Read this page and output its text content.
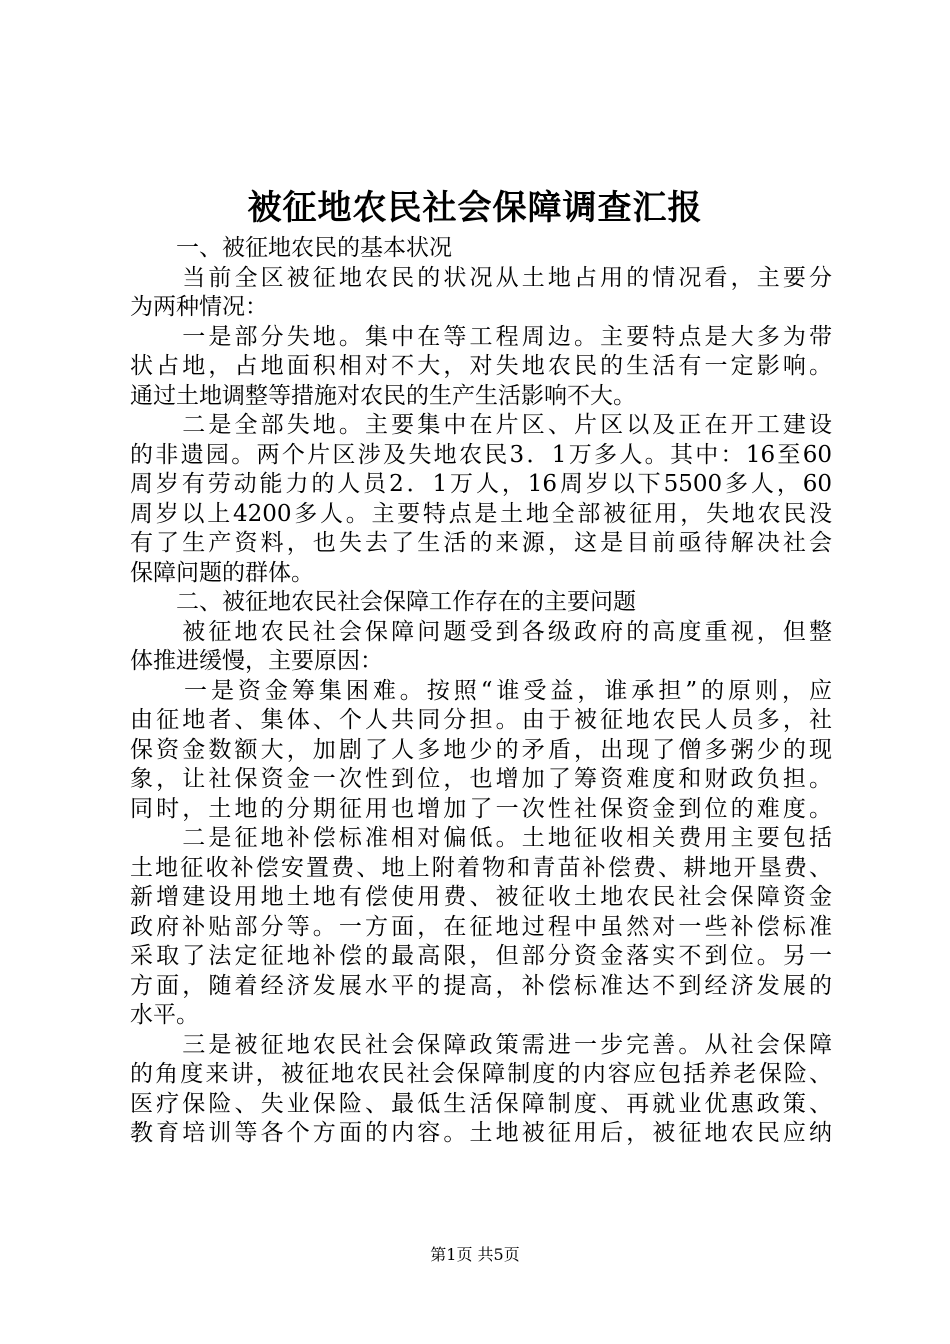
被征地农民社会保障调查汇报
　　一、被征地农民的基本状况
　　当前全区被征地农民的状况从土地占用的情况看，主要分
为两种情况：
　　一是部分失地。集中在等工程周边。主要特点是大多为带
状占地，占地面积相对不大，对失地农民的生活有一定影响。
通过土地调整等措施对农民的生产生活影响不大。
　　二是全部失地。主要集中在片区、片区以及正在开工建设
的非遗园。两个片区涉及失地农民3．1万多人。其中：16至60
周岁有劳动能力的人员2．1万人，16周岁以下5500多人，60
周岁以上4200多人。主要特点是土地全部被征用，失地农民没
有了生产资料，也失去了生活的来源，这是目前亟待解决社会
保障问题的群体。
　　二、被征地农民社会保障工作存在的主要问题
　　被征地农民社会保障问题受到各级政府的高度重视，但整
体推进缓慢，主要原因：
　　一是资金筹集困难。按照“谁受益，谁承担”的原则，应
由征地者、集体、个人共同分担。由于被征地农民人员多，社
保资金数额大，加剧了人多地少的矛盾，出现了僧多粥少的现
象，让社保资金一次性到位，也增加了筹资难度和财政负担。
同时，土地的分期征用也增加了一次性社保资金到位的难度。
　　二是征地补偿标准相对偏低。土地征收相关费用主要包括
土地征收补偿安置费、地上附着物和青苗补偿费、耕地开垦费、
新增建设用地土地有偿使用费、被征收土地农民社会保障资金
政府补贴部分等。一方面，在征地过程中虽然对一些补偿标准
采取了法定征地补偿的最高限，但部分资金落实不到位。另一
方面，随着经济发展水平的提高，补偿标准达不到经济发展的
水平。
　　三是被征地农民社会保障政策需进一步完善。从社会保障
的角度来讲，被征地农民社会保障制度的内容应包括养老保险、
医疗保险、失业保险、最低生活保障制度、再就业优惠政策、
教育培训等各个方面的内容。土地被征用后，被征地农民应纳
第1页 共5页
